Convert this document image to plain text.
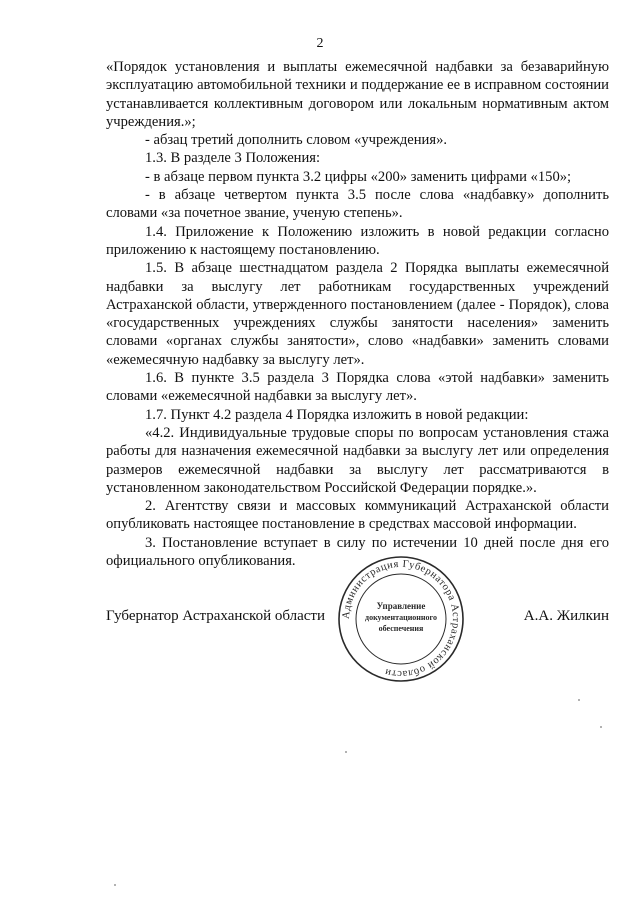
2

«Порядок установления и выплаты ежемесячной надбавки за безаварийную эксплуатацию автомобильной техники и поддержание ее в исправном состоянии устанавливается коллективным договором или локальным нормативным актом учреждения.»;

- абзац третий дополнить словом «учреждения».

1.3. В разделе 3 Положения:

- в абзаце первом пункта 3.2 цифры «200» заменить цифрами «150»;

- в абзаце четвертом пункта 3.5 после слова «надбавку» дополнить словами «за почетное звание, ученую степень».

1.4. Приложение к Положению изложить в новой редакции согласно приложению к настоящему постановлению.

1.5. В абзаце шестнадцатом раздела 2 Порядка выплаты ежемесячной надбавки за выслугу лет работникам государственных учреждений Астраханской области, утвержденного постановлением (далее - Порядок), слова «государственных учреждениях службы занятости населения» заменить словами «органах службы занятости», слово «надбавки» заменить словами «ежемесячную надбавку за выслугу лет».

1.6. В пункте 3.5 раздела 3 Порядка слова «этой надбавки» заменить словами «ежемесячной надбавки за выслугу лет».

1.7. Пункт 4.2 раздела 4 Порядка изложить в новой редакции:

«4.2. Индивидуальные трудовые споры по вопросам установления стажа работы для назначения ежемесячной надбавки за выслугу лет или определения размеров ежемесячной надбавки за выслугу лет рассматриваются в установленном законодательством Российской Федерации порядке.».

2. Агентству связи и массовых коммуникаций Астраханской области опубликовать настоящее постановление в средствах массовой информации.

3. Постановление вступает в силу по истечении 10 дней после дня его официального опубликования.

Администрация Губернатора Астраханской области
Управление
документационного
обеспечения
Губернатор Астраханской области	А.А. Жилкин
